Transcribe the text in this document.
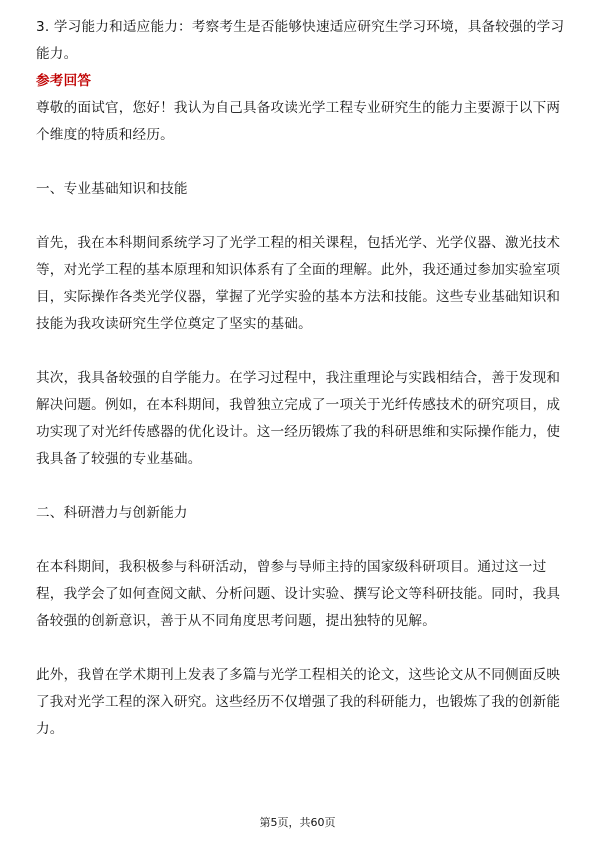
3. 学习能力和适应能力：考察考生是否能够快速适应研究生学习环境，具备较强的学习能力。

参考回答

尊敬的面试官，您好！我认为自己具备攻读光学工程专业研究生的能力主要源于以下两个维度的特质和经历。

一、专业基础知识和技能

首先，我在本科期间系统学习了光学工程的相关课程，包括光学、光学仪器、激光技术等，对光学工程的基本原理和知识体系有了全面的理解。此外，我还通过参加实验室项目，实际操作各类光学仪器，掌握了光学实验的基本方法和技能。这些专业基础知识和技能为我攻读研究生学位奠定了坚实的基础。

其次，我具备较强的自学能力。在学习过程中，我注重理论与实践相结合，善于发现和解决问题。例如，在本科期间，我曾独立完成了一项关于光纤传感技术的研究项目，成功实现了对光纤传感器的优化设计。这一经历锻炼了我的科研思维和实际操作能力，使我具备了较强的专业基础。

二、科研潜力与创新能力

在本科期间，我积极参与科研活动，曾参与导师主持的国家级科研项目。通过这一过程，我学会了如何查阅文献、分析问题、设计实验、撰写论文等科研技能。同时，我具备较强的创新意识，善于从不同角度思考问题，提出独特的见解。

此外，我曾在学术期刊上发表了多篇与光学工程相关的论文，这些论文从不同侧面反映了我对光学工程的深入研究。这些经历不仅增强了我的科研能力，也锻炼了我的创新能力。

第5页，共60页
